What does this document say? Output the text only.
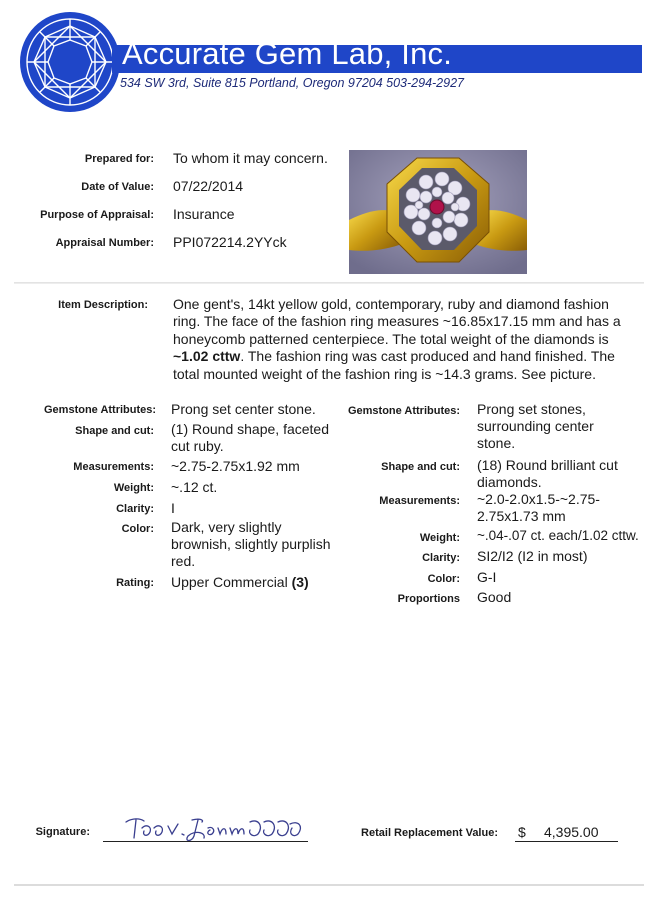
Accurate Gem Lab, Inc.
534 SW 3rd, Suite 815 Portland, Oregon 97204 503-294-2927
Prepared for: To whom it may concern.
Date of Value: 07/22/2014
Purpose of Appraisal: Insurance
Appraisal Number: PPI072214.2YYck
Item Description: One gent's, 14kt yellow gold, contemporary, ruby and diamond fashion ring. The face of the fashion ring measures ~16.85x17.15 mm and has a honeycomb patterned centerpiece. The total weight of the diamonds is ~1.02 cttw. The fashion ring was cast produced and hand finished. The total mounted weight of the fashion ring is ~14.3 grams. See picture.
Gemstone Attributes: Prong set center stone.
Shape and cut: (1) Round shape, faceted cut ruby.
Measurements: ~2.75-2.75x1.92 mm
Weight: ~.12 ct.
Clarity: I
Color: Dark, very slightly brownish, slightly purplish red.
Rating: Upper Commercial (3)
Gemstone Attributes: Prong set stones, surrounding center stone.
Shape and cut: (18) Round brilliant cut diamonds.
Measurements: ~2.0-2.0x1.5-~2.75-2.75x1.73 mm
Weight: ~.04-.07 ct. each/1.02 cttw.
Clarity: SI2/I2 (I2 in most)
Color: G-I
Proportions Good
Signature:	Retail Replacement Value: $ 4,395.00
